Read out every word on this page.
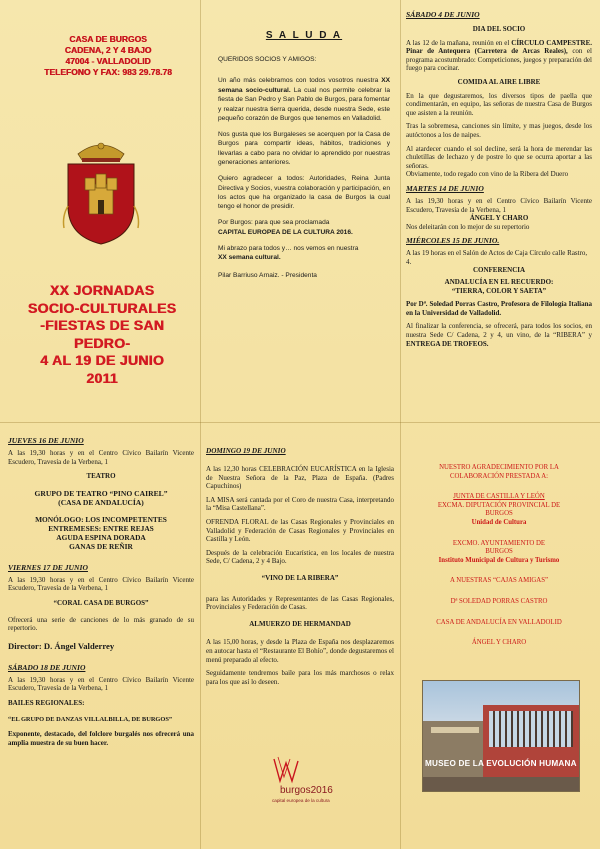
CASA DE BURGOS
CADENA, 2 Y 4 BAJO
47004 - VALLADOLID
TELEFONO Y FAX: 983 29.78.78
XX JORNADAS
SOCIO-CULTURALES
-FIESTAS DE SAN PEDRO-
4 AL 19 DE JUNIO
2011
S A L U D A
QUERIDOS SOCIOS Y AMIGOS:

Un año más celebramos con todos vosotros nuestra XX semana socio-cultural. La cual nos permite celebrar la fiesta de San Pedro y San Pablo de Burgos, para fomentar y realzar nuestra tierra querida, desde nuestra Sede, este pequeño corazón de Burgos que tenemos en Valladolid.

Nos gusta que los Burgaleses se acerquen por la Casa de Burgos para compartir ideas, hábitos, tradiciones y llevarlas a cabo para no olvidar lo aprendido por nuestras generaciones anteriores.

Quiero agradecer a todos: Autoridades, Reina Junta Directiva y Socios, vuestra colaboración y participación, en los actos que ha organizado la casa de Burgos la cual tengo el honor de presidir.

Por Burgos: para que sea proclamada
CAPITAL EUROPEA DE LA CULTURA 2016.

Mi abrazo para todos y… nos vemos en nuestra
XX semana cultural.

Pilar Barriuso Arnaiz. - Presidenta

SÁBADO 4 DE JUNIO
DIA DEL SOCIO

A las 12 de la mañana, reunión en el CÍRCULO CAMPESTRE. Pinar de Antequera (Carretera de Arcas Reales), con el programa acostumbrado: Competiciones, juegos y preparación del fuego para cocinar.

COMIDA AL AIRE LIBRE

En la que degustaremos, los diversos tipos de paella que condimentarán, en equipo, las señoras de nuestra Casa de Burgos que asisten a la reunión.

Tras la sobremesa, canciones sin límite, y mas juegos, desde los autóctonos a los de naipes.

Al atardecer cuando el sol decline, será la hora de merendar las chuletillas de lechazo y de postre lo que se ocurra aportar a las señoras.

Obviamente, todo regado con vino de la Ribera del Duero

MARTES 14 DE JUNIO

A las 19,30 horas y en el Centro Cívico Bailarín Vicente Escudero, Travesía de la Verbena, 1

ÁNGEL Y CHARO

Nos deleitarán con lo mejor de su repertorio

MIÉRCOLES 15 DE JUNIO.

A las 19 horas en el Salón de Actos de Caja Círculo calle Rastro, 4.

CONFERENCIA
ANDALUCÍA EN EL RECUERDO:
“TIERRA, COLOR Y SAETA”

Por Dª. Soledad Porras Castro, Profesora de Filología Italiana en la Universidad de Valladolid.

Al finalizar la conferencia, se ofrecerá, para todos los socios, en nuestra Sede C/ Cadena, 2 y 4, un vino, de la “RIBERA” y ENTREGA DE TROFEOS.

JUEVES 16 DE JUNIO

A las 19,30 horas y en el Centro Cívico Bailarín Vicente Escudero, Travesía de la Verbena, 1

TEATRO
GRUPO DE TEATRO “PINO CAIREL”
(CASA DE ANDALUCÍA)
MONÓLOGO: LOS INCOMPETENTES
ENTREMESES: ENTRE REJAS
AGUDA ESPINA DORADA
GANAS DE REÑIR
VIERNES 17 DE JUNIO

A las 19,30 horas y en el Centro Cívico Bailarín Vicente Escudero, Travesía de la Verbena, 1

“CORAL CASA DE BURGOS”

Ofrecerá una serie de canciones de lo más granado de su repertorio.

Director: D. Ángel Valderrey
SÁBADO 18 DE JUNIO

A las 19,30 horas y en el Centro Cívico Bailarín Vicente Escudero, Travesía de la Verbena, 1

BAILES REGIONALES:
“EL GRUPO DE DANZAS VILLALBILLA, DE BURGOS”

Exponente, destacado, del folclore burgalés nos ofrecerá una amplia muestra de su buen hacer.

DOMINGO 19 DE JUNIO

A las 12,30 horas CELEBRACIÓN EUCARÍSTICA en la Iglesia de Nuestra Señora de la Paz, Plaza de España. (Padres Capuchinos)

LA MISA será cantada por el Coro de nuestra Casa, interpretando la “Misa Castellana”.

OFRENDA FLORAL de las Casas Regionales y Provinciales en Valladolid y Federación de Casas Regionales y Provinciales en Castilla y León.

Después de la celebración Eucarística, en los locales de nuestra Sede, C/ Cadena, 2 y 4 Bajo.

“VINO DE LA RIBERA”

para las Autoridades y Representantes de las Casas Regionales, Provinciales y Federación de Casas.

ALMUERZO DE HERMANDAD

A las 15,00 horas, y desde la Plaza de España nos desplazaremos en autocar hasta el “Restaurante El Bohío”, donde degustaremos el menú preparado al efecto.

Seguidamente tendremos baile para los más marchosos o relax para los que así lo deseen.

burgos2016
capital europea de la cultura
NUESTRO AGRADECIMIENTO POR LA
COLABORACIÓN PRESTADA A:
JUNTA DE CASTILLA Y LEÓN
EXCMA. DIPUTACIÓN PROVINCIAL DE
BURGOS
Unidad de Cultura
EXCMO. AYUNTAMIENTO DE
BURGOS
Instituto Municipal de Cultura y Turismo
A NUESTRAS “CAJAS AMIGAS”
Dª SOLEDAD PORRAS CASTRO
CASA DE ANDALUCÍA EN VALLADOLID
ÁNGEL Y CHARO
MUSEO DE LA EVOLUCIÓN HUMANA
